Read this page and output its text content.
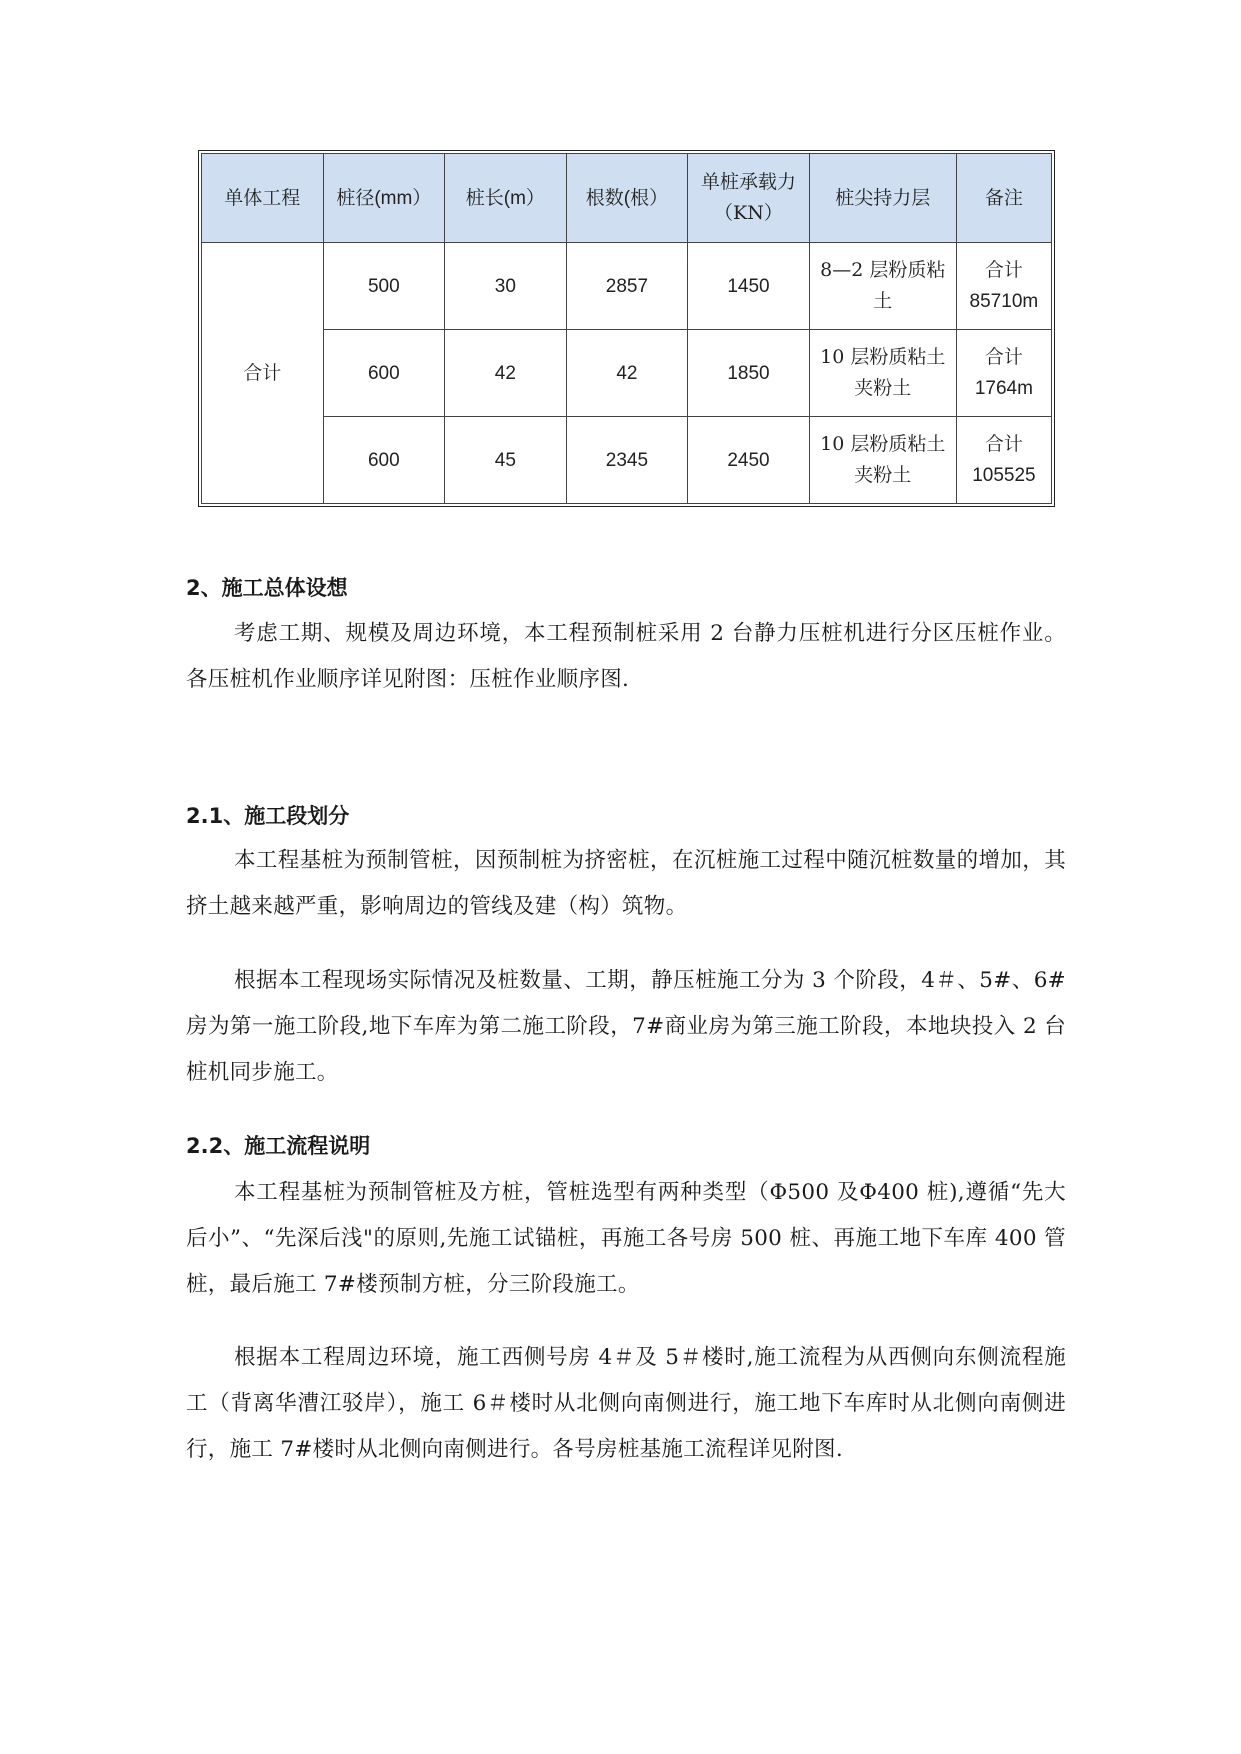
单体工程	桩径(mm）	桩长(m）	根数(根）	单桩承载力（KN）	桩尖持力层	备注
合计	500	30	2857	1450	8—2 层粉质粘土	合计 85710m
	600	42	42	1850	10 层粉质粘土夹粉土	合计 1764m
	600	45	2345	2450	10 层粉质粘土夹粉土	合计 105525
2、施工总体设想
考虑工期、规模及周边环境，本工程预制桩采用 2 台静力压桩机进行分区压桩作业。各压桩机作业顺序详见附图：压桩作业顺序图.
2.1、施工段划分
本工程基桩为预制管桩，因预制桩为挤密桩，在沉桩施工过程中随沉桩数量的增加，其挤土越来越严重，影响周边的管线及建（构）筑物。
根据本工程现场实际情况及桩数量、工期，静压桩施工分为 3 个阶段，4＃、5#、6#房为第一施工阶段,地下车库为第二施工阶段，7#商业房为第三施工阶段，本地块投入 2 台桩机同步施工。
2.2、施工流程说明
本工程基桩为预制管桩及方桩，管桩选型有两种类型（Φ500 及Φ400 桩),遵循“先大后小”、“先深后浅"的原则,先施工试锚桩，再施工各号房 500 桩、再施工地下车库 400 管桩，最后施工 7#楼预制方桩，分三阶段施工。
根据本工程周边环境，施工西侧号房 4＃及 5＃楼时,施工流程为从西侧向东侧流程施工（背离华漕江驳岸），施工 6＃楼时从北侧向南侧进行，施工地下车库时从北侧向南侧进行，施工 7#楼时从北侧向南侧进行。各号房桩基施工流程详见附图.
